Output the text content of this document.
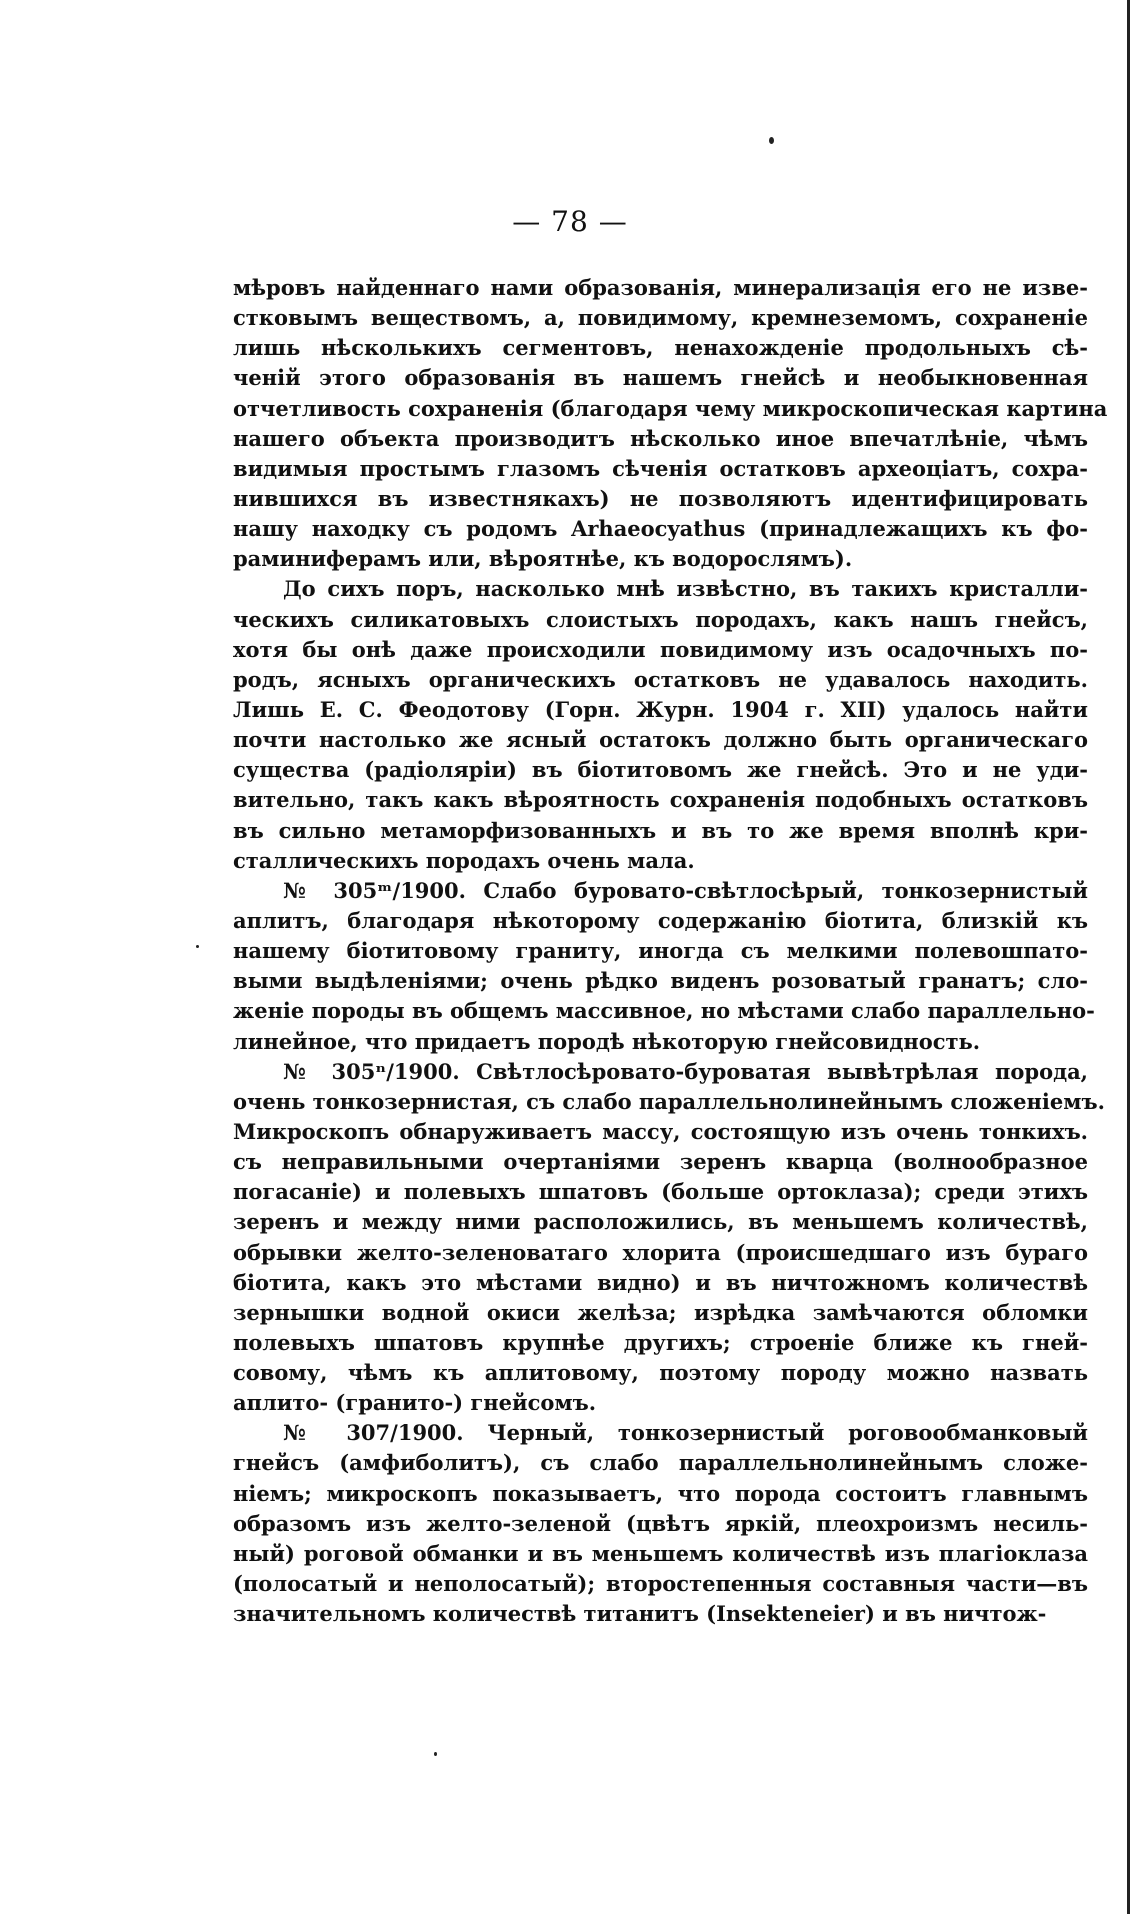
— 78 —
мѣровъ найденнаго нами образованія, минерализація его не изве-
стковымъ веществомъ, а, повидимому, кремнеземомъ, сохраненіе
лишь нѣсколькихъ сегментовъ, ненахожденіе продольныхъ сѣ-
ченій этого образованія въ нашемъ гнейсѣ и необыкновенная
отчетливость сохраненія (благодаря чему микроскопическая картина
нашего объекта производитъ нѣсколько иное впечатлѣніе, чѣмъ
видимыя простымъ глазомъ сѣченія остатковъ археоціатъ, сохра-
нившихся въ известнякахъ) не позволяютъ идентифицировать
нашу находку съ родомъ Arhaeocyathus (принадлежащихъ къ фо-
раминиферамъ или, вѣроятнѣе, къ водорослямъ).
До сихъ поръ, насколько мнѣ извѣстно, въ такихъ кристалли-
ческихъ силикатовыхъ слоистыхъ породахъ, какъ нашъ гнейсъ,
хотя бы онѣ даже происходили повидимому изъ осадочныхъ по-
родъ, ясныхъ органическихъ остатковъ не удавалось находить.
Лишь Е. С. Феодотову (Горн. Журн. 1904 г. XII) удалось найти
почти настолько же ясный остатокъ должно быть органическаго
существа (радіоляріи) въ біотитовомъ же гнейсѣ. Это и не уди-
вительно, такъ какъ вѣроятность сохраненія подобныхъ остатковъ
въ сильно метаморфизованныхъ и въ то же время вполнѣ кри-
сталлическихъ породахъ очень мала.
№ 305ᵐ/1900. Слабо буровато-свѣтлосѣрый, тонкозернистый
аплитъ, благодаря нѣкоторому содержанію біотита, близкій къ
нашему біотитовому граниту, иногда съ мелкими полевошпато-
выми выдѣленіями; очень рѣдко виденъ розоватый гранатъ; сло-
женіе породы въ общемъ массивное, но мѣстами слабо параллельно-
линейное, что придаетъ породѣ нѣкоторую гнейсовидность.
№ 305ⁿ/1900. Свѣтлосѣровато-буроватая вывѣтрѣлая порода,
очень тонкозернистая, съ слабо параллельнолинейнымъ сложеніемъ.
Микроскопъ обнаруживаетъ массу, состоящую изъ очень тонкихъ.
съ неправильными очертаніями зеренъ кварца (волнообразное
погасаніе) и полевыхъ шпатовъ (больше ортоклаза); среди этихъ
зеренъ и между ними расположились, въ меньшемъ количествѣ,
обрывки желто-зеленоватаго хлорита (происшедшаго изъ бураго
біотита, какъ это мѣстами видно) и въ ничтожномъ количествѣ
зернышки водной окиси желѣза; изрѣдка замѣчаются обломки
полевыхъ шпатовъ крупнѣе другихъ; строеніе ближе къ гней-
совому, чѣмъ къ аплитовому, поэтому породу можно назвать
аплито- (гранито-) гнейсомъ.
№ 307/1900. Черный, тонкозернистый роговообманковый
гнейсъ (амфиболитъ), съ слабо параллельнолинейнымъ сложе-
ніемъ; микроскопъ показываетъ, что порода состоитъ главнымъ
образомъ изъ желто-зеленой (цвѣтъ яркій, плеохроизмъ несиль-
ный) роговой обманки и въ меньшемъ количествѣ изъ плагіоклаза
(полосатый и неполосатый); второстепенныя составныя части—въ
значительномъ количествѣ титанитъ (Insekteneier) и въ ничтож-
